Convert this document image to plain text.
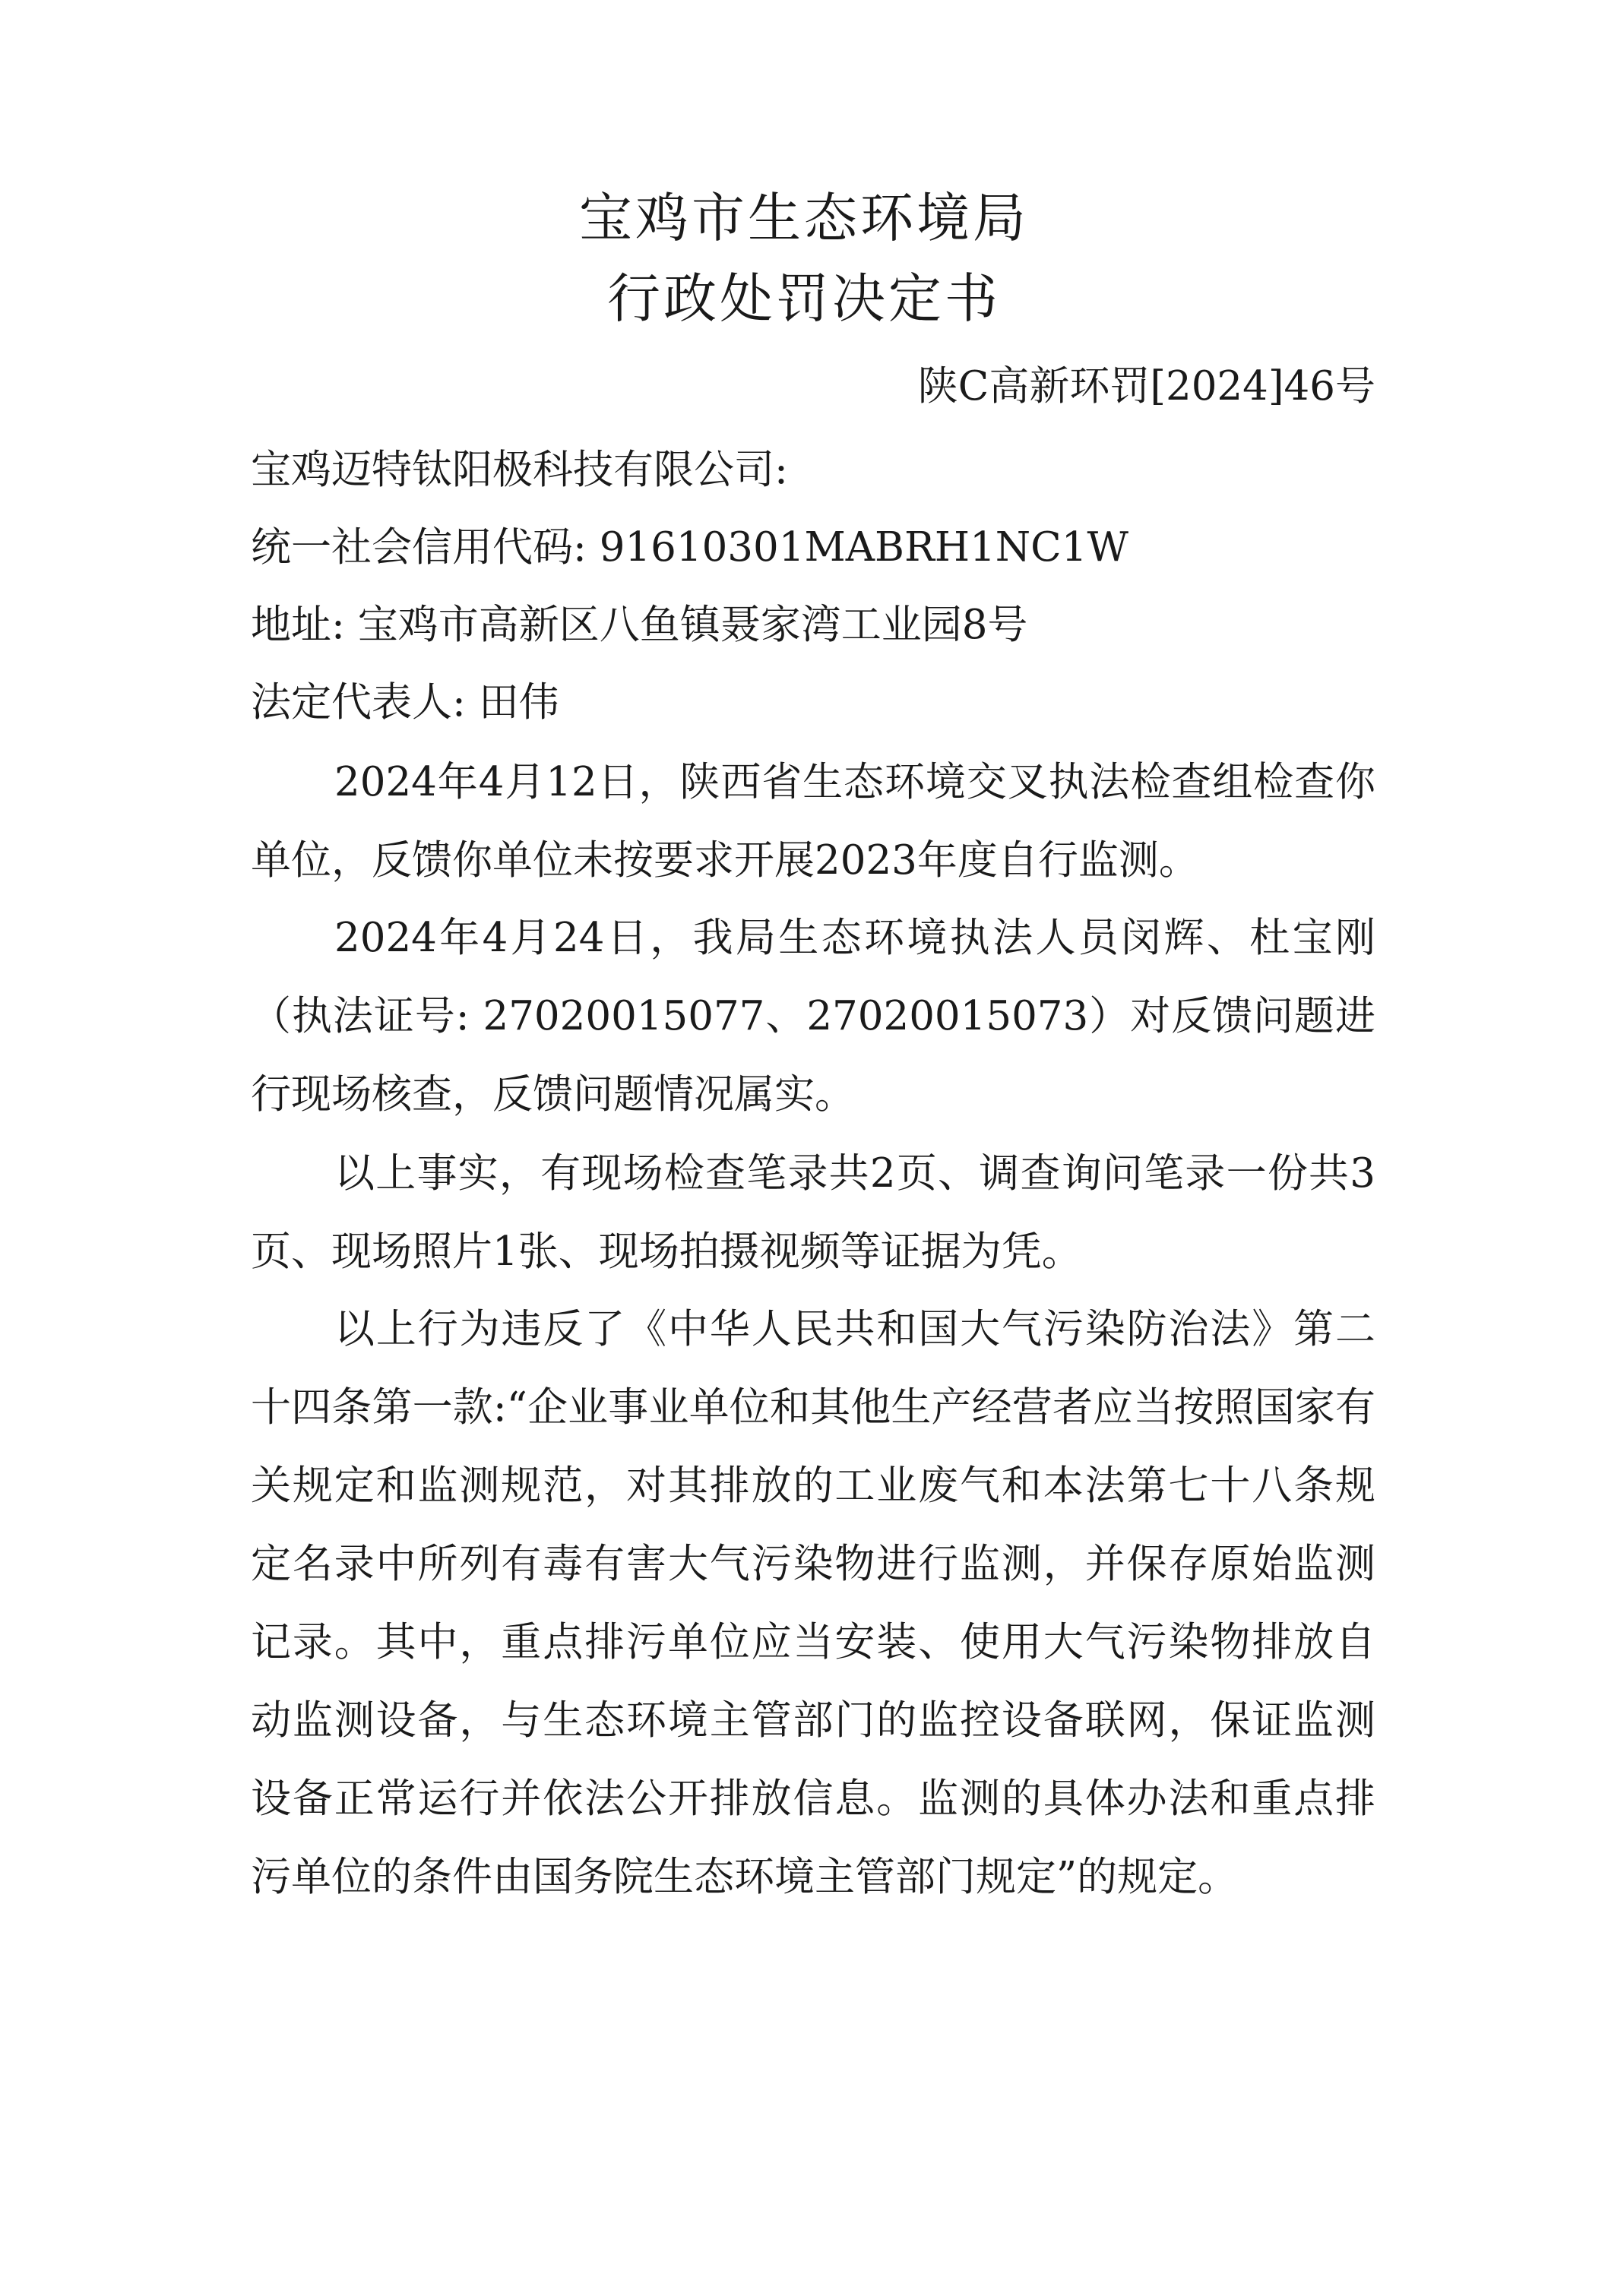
宝鸡市生态环境局
行政处罚决定书
陕C高新环罚[2024]46号
宝鸡迈特钛阳极科技有限公司:
统一社会信用代码: 91610301MABRH1NC1W
地址: 宝鸡市高新区八鱼镇聂家湾工业园8号
法定代表人: 田伟

2024年4月12日，陕西省生态环境交叉执法检查组检查你单位，反馈你单位未按要求开展2023年度自行监测。

2024年4月24日，我局生态环境执法人员闵辉、杜宝刚（执法证号: 27020015077、27020015073）对反馈问题进行现场核查，反馈问题情况属实。

以上事实，有现场检查笔录共2页、调查询问笔录一份共3页、现场照片1张、现场拍摄视频等证据为凭。

以上行为违反了《中华人民共和国大气污染防治法》第二十四条第一款:“企业事业单位和其他生产经营者应当按照国家有关规定和监测规范，对其排放的工业废气和本法第七十八条规定名录中所列有毒有害大气污染物进行监测，并保存原始监测记录。其中，重点排污单位应当安装、使用大气污染物排放自动监测设备，与生态环境主管部门的监控设备联网，保证监测设备正常运行并依法公开排放信息。监测的具体办法和重点排污单位的条件由国务院生态环境主管部门规定”的规定。
